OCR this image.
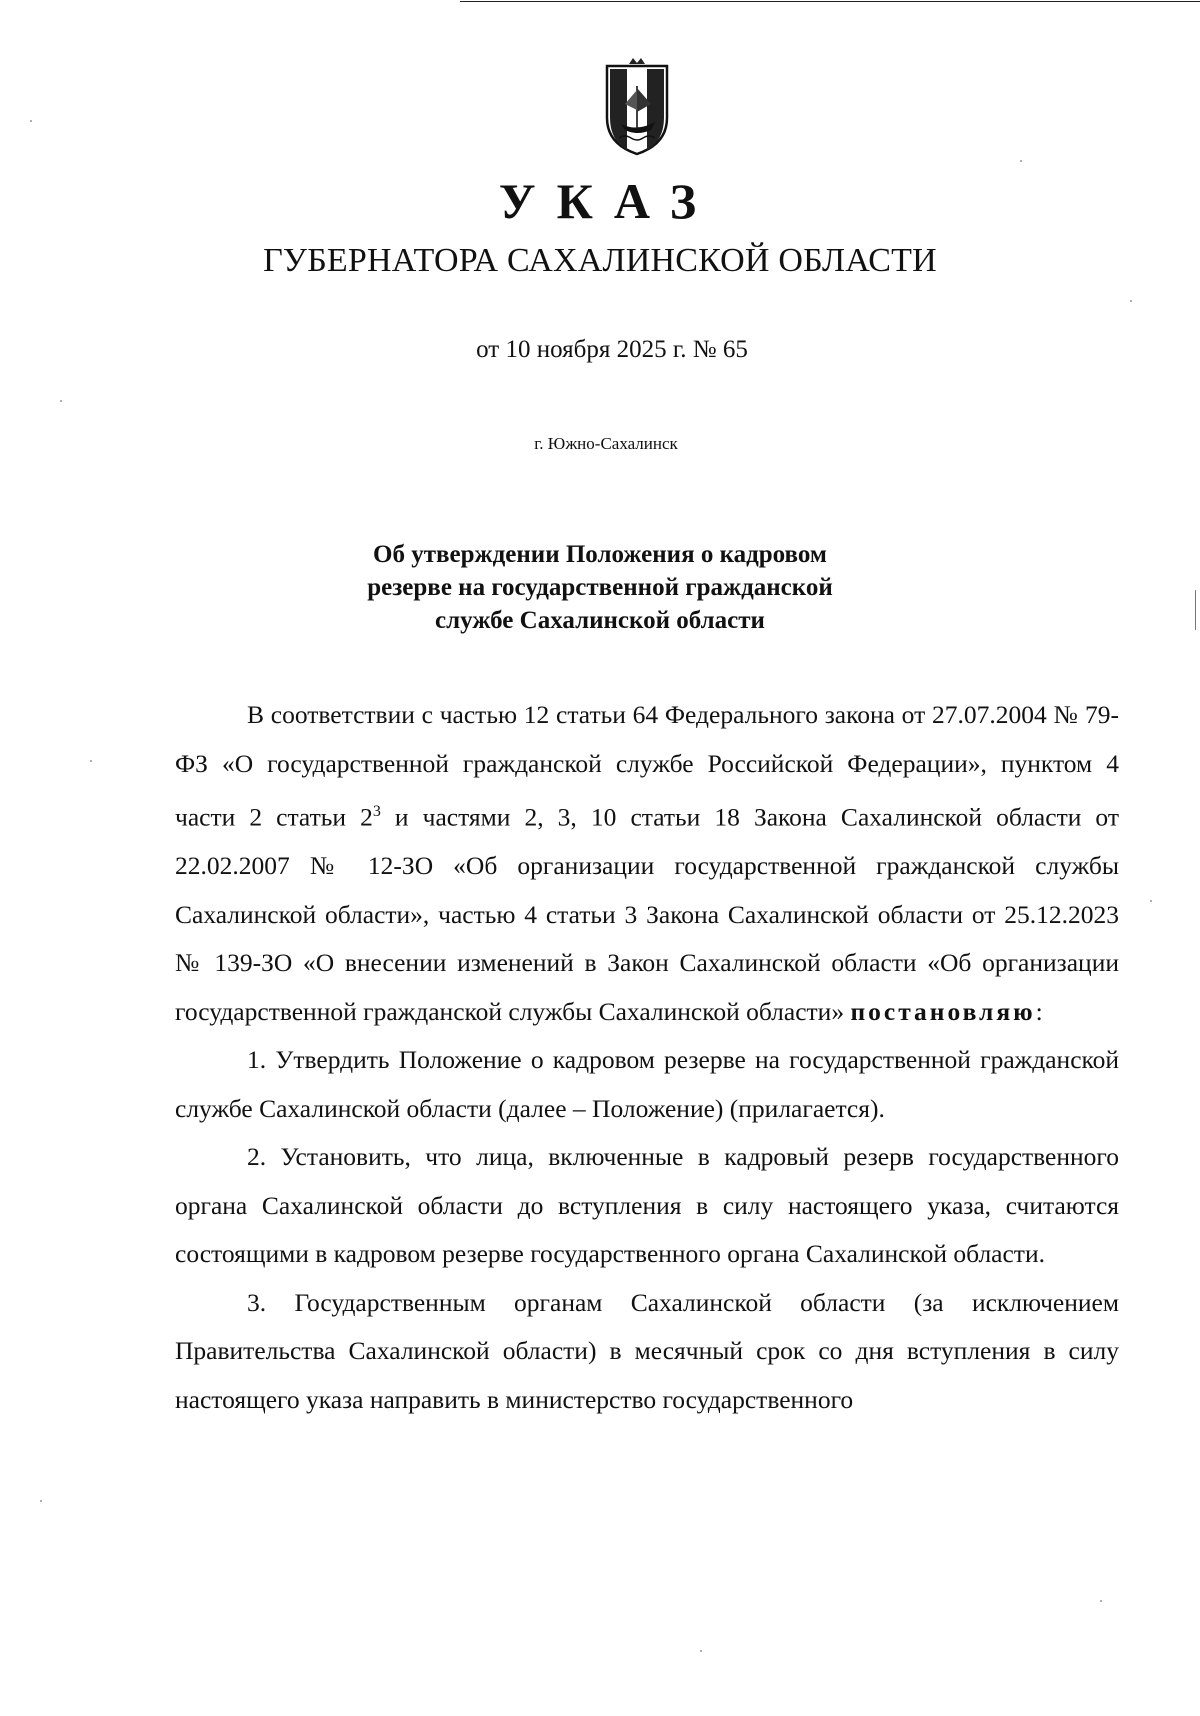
УКАЗ
ГУБЕРНАТОРА САХАЛИНСКОЙ ОБЛАСТИ
от 10 ноября 2025 г. № 65
г. Южно-Сахалинск
Об утверждении Положения о кадровом
резерве на государственной гражданской
службе Сахалинской области

В соответствии с частью 12 статьи 64 Федерального закона от 27.07.2004 № 79-ФЗ «О государственной гражданской службе Российской Федерации», пунктом 4 части 2 статьи $2^3$ и частями 2, 3, 10 статьи 18 Закона Сахалинской области от 22.02.2007 № 12-ЗО «Об организации государственной гражданской службы Сахалинской области», частью 4 статьи 3 Закона Сахалинской области от 25.12.2023 № 139-ЗО «О внесении изменений в Закон Сахалинской области «Об организации государственной гражданской службы Сахалинской области» постановляю:

1. Утвердить Положение о кадровом резерве на государственной гражданской службе Сахалинской области (далее – Положение) (прилагается).

2. Установить, что лица, включенные в кадровый резерв государственного органа Сахалинской области до вступления в силу настоящего указа, считаются состоящими в кадровом резерве государственного органа Сахалинской области.

3. Государственным органам Сахалинской области (за исключением Правительства Сахалинской области) в месячный срок со дня вступления в силу настоящего указа направить в министерство государственного
